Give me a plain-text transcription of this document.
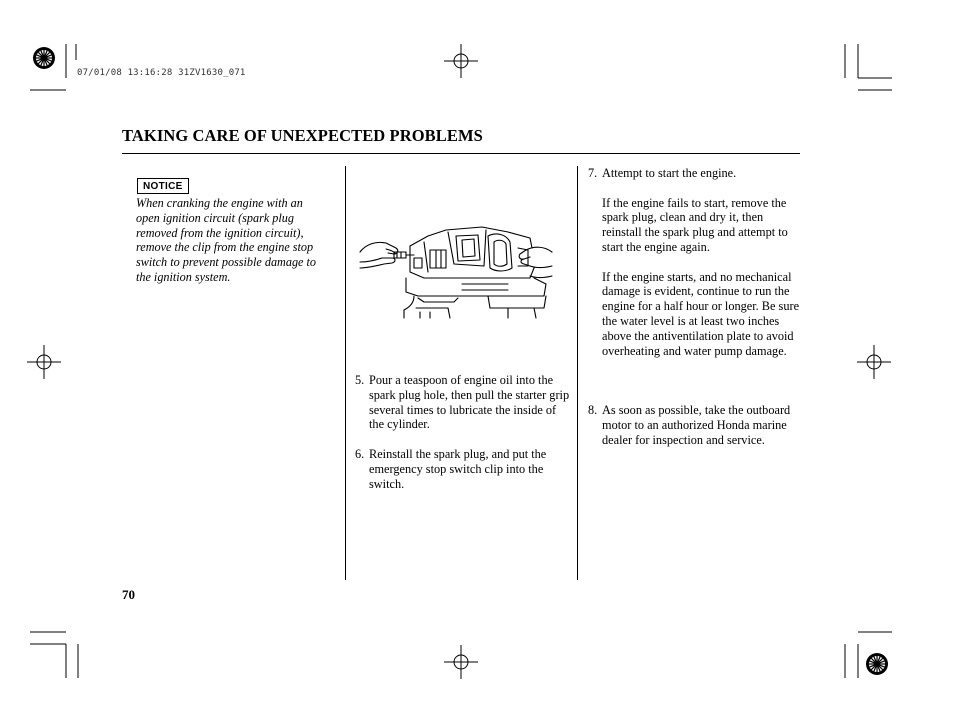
07/01/08 13:16:28 31ZV1630_071
TAKING CARE OF UNEXPECTED PROBLEMS
NOTICE
When cranking the engine with an open ignition circuit (spark plug removed from the ignition circuit), remove the clip from the engine stop switch to prevent possible damage to the ignition system.
5. Pour a teaspoon of engine oil into the spark plug hole, then pull the starter grip several times to lubricate the inside of the cylinder.

6. Reinstall the spark plug, and put the emergency stop switch clip into the switch.

7. Attempt to start the engine.

If the engine fails to start, remove the spark plug, clean and dry it, then reinstall the spark plug and attempt to start the engine again.

If the engine starts, and no mechanical damage is evident, continue to run the engine for a half hour or longer. Be sure the water level is at least two inches above the antiventilation plate to avoid overheating and water pump damage.

8. As soon as possible, take the outboard motor to an authorized Honda marine dealer for inspection and service.

70
